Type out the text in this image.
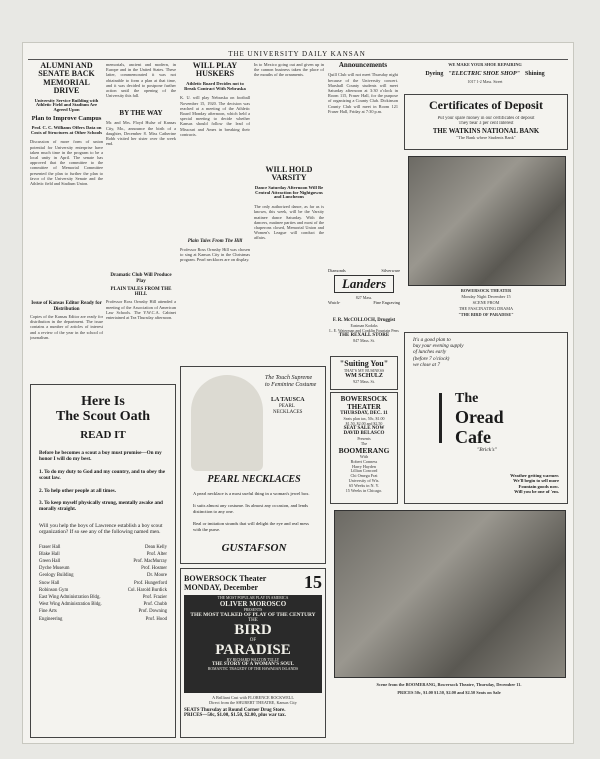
THE UNIVERSITY DAILY KANSAN
ALUMNI AND SENATE BACK MEMORIAL DRIVE
University Service Building with Athletic Field and Stadium Are Agreed Upon
Plan to Improve Campus
Prof. C. C. Williams Offers Data on Costs of Structures at Other Schools
Discussion of more form of union potential for University enterprise have taken much time in the program to be a local unity in April. The senate has approved that the committee to the committee of Memorial Committee presented the plan to further the plan to favor of the University Senate and the Athletic field and Stadium Union.
Issue of Kansas Editor Ready for Distribution
Copies of the Kansas Editor are ready for distribution in the department. The issue contains a number of articles of interest and a review of the year in the school of journalism.
memorials, ancient and modern, in Europe and in the United States. These latter, commemorated it was not obtainable to form a plan at that time, and it was decided to postpone further action until the opening of the University this fall.
BY THE WAY
Mr. and Mrs. Floyd Hulse of Kansas City, Mo., announce the birth of a daughter, December 8. Miss Catherine Robb visited her sister over the week end.
Dramatic Club Will Produce Play
PLAIN TALES FROM THE HILL
Professor Ross Ormsby Hill attended a meeting of the Association of American Law Schools. The Y.W.C.A. Cabinet entertained at Tea Thursday afternoon.
WILL PLAY HUSKERS
Athletic Board Decides not to Break Contract With Nebraska
K. U. will play Nebraska on football November 15, 1920. The decision was reached at a meeting of the Athletic Board Monday afternoon, which held a special meeting to decide whether Kansas should follow the lead of Missouri and Ames in breaking their contracts.
Plain Tales From The Hill
Professor Ross Ormsby Hill was chosen to sing at Kansas City in the Christmas program. Pearl necklaces are on display.
In to Mexico going out and given up in the cannon business taken the place of the mouths of the ornaments.
WILL HOLD VARSITY
Dance Saturday Afternoon Will Be Central Attraction for Nightgowns and Luncheons
The only authorized dance, as far as is known, this week, will be the Varsity matinee dance Saturday. With the dancers, matinee parties and most of the chaperons closed, Memorial Union and Women's League will conduct the affairs.
Announcements
Quill Club will not meet Thursday night because of the University concert. Marshall County students will meet Saturday afternoon at 3:30 o'clock in Room 115, Fraser Hall, for the purpose of organizing a County Club. Dickinson County Club will meet in Room 121 Fraser Hall, Friday at 7:30 p.m.
WE MAKE YOUR SHOE REPAIRING
Dyeing "ELECTRIC SHOE SHOP" Shining
1017 1-2 Mass. Street
Certificates of Deposit
Put your spare money in our certificates of deposit
They bear 3 per cent Interest
THE WATKINS NATIONAL BANK
"The Bank where Students Bank"
BOWERSOCK THEATER
Monday Night December 15
SCENE FROM
THE FASCINATING DRAMA
"THE BIRD OF PARADISE"
Diamonds	Silverware
Landers
827 Mass.
Watch-	Fine Engraving
F. R. McCOLLOCH, Druggist
Eastman Kodaks
L. E. Waterman and Conklin Fountain Pens
THE REXALL STORE
847 Mass. St.
"Suiting You"
THAT'S MY BUSINESS
WM SCHULZ
927 Mass. St.
BOWERSOCK
THEATER
THURSDAY, DEC. 11
Seats plan tax, 50c, $1.00
$1.50, $2.00 and $2.50
SEAT SALE NOW
DAVID BELASCO
Presents
The
BOOMERANG
With
Robert Conness
Harry Hayden
Lillian Concord
Chi Omega Frat
University of Wis.
65 Weeks in N. Y.
15 Weeks in Chicago.
It's a good plan to
buy your evening supply
of lunches early
(before 7 o'clock)
we close at 7
The
Oread
Cafe
"Brick's"
Weather getting warmer.
We'll begin to sell more
Fountain goods now.
Will you be one of 'em.
Here Is
The Scout Oath
READ IT
Before he becomes a scout a boy must promise—On my honor I will do my best.
1. To do my duty to God and my country, and to obey the scout law.
2. To help other people at all times.
3. To keep myself physically strong, mentally awake and morally straight.
Will you help the boys of Lawrence establish a boy scout organization? If so see any of the following named men.
Fraser Hall	Dean Kelly
Blake Hall	Prof. Alter
Green Hall	Prof. MacMurray
Dyche Museum	Prof. Hosmer
Geology Building	Dr. Moore
Snow Hall	Prof. Hungerford
Robinson Gym	Col. Harold Burdick
East Wing Administration Bldg.	Prof. Frazier
West Wing Administration Bldg.	Prof. Chubb
Fine Arts	Prof. Downing
Engineering	Prof. Hood
The Touch Supreme
to Feminine Costume
LA TAUSCA
PEARL
NECKLACES
PEARL NECKLACES
A pearl necklace is a most useful thing in a woman's jewel box.
It suits almost any costume. Its almost any occasion, and lends distinction to any one.
Real or imitation strands that will delight the eye and real mess with the purse.
GUSTAFSON
BOWERSOCK Theater
MONDAY, December	15
THE MOST POPULAR PLAY IN AMERICA
OLIVER MOROSCO
PRESENTS
THE MOST TALKED OF PLAY OF THE CENTURY
THE
BIRD
OF
PARADISE
BY RICHARD WALTON TULLY
THE STORY OF A WOMAN'S SOUL
ROMANTIC TRAGEDY OF THE HAWAIIAN ISLANDS
A Brilliant Cast with FLORENCE ROCKWELL
Direct from the SHUBERT THEATRE, Kansas City
SEATS Thursday at Round Corner Drug Store.
PRICES—50c, $1.00, $1.50, $2.00, plus war tax.
Scene from the BOOMERANG, Bowersock Theatre, Thursday, December 11.
PRICES 50c, $1.00 $1.50, $2.00 and $2.50 Seats on Sale
